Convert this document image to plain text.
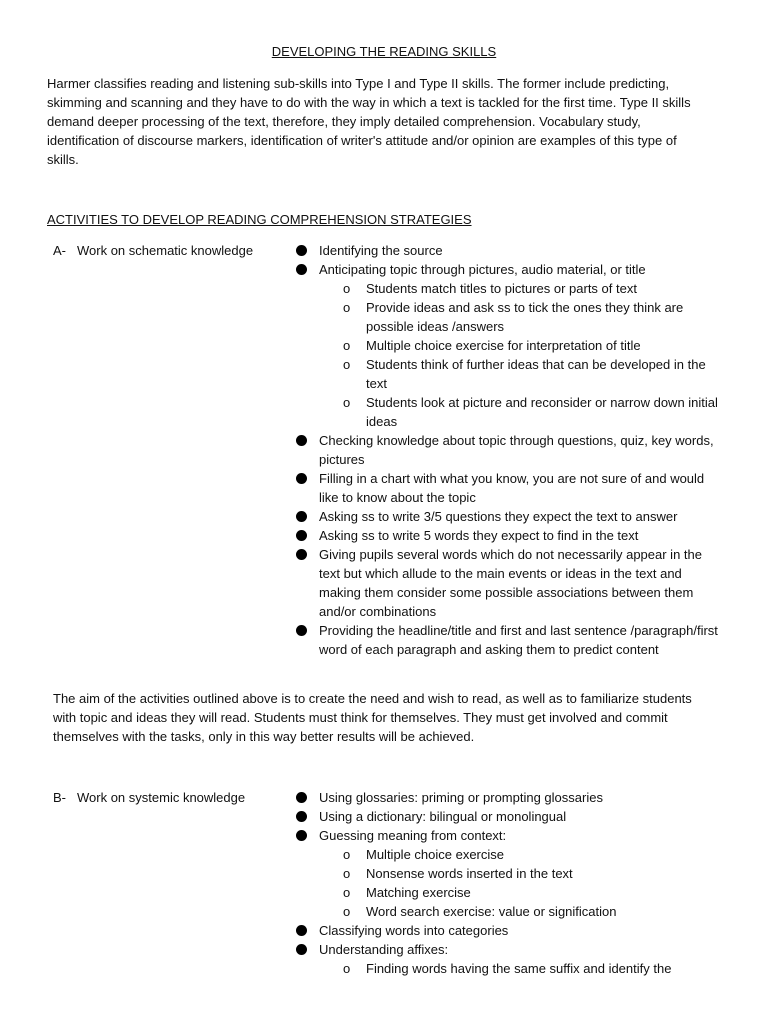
DEVELOPING THE READING SKILLS
Harmer classifies reading and listening sub-skills into Type I and Type II skills. The former include predicting, skimming and scanning and they have to do with the way in which a text is tackled for the first time. Type II skills demand deeper processing of the text, therefore, they imply detailed comprehension. Vocabulary study, identification of discourse markers, identification of writer's attitude and/or opinion are examples of this type of skills.
ACTIVITIES TO DEVELOP READING COMPREHENSION STRATEGIES
A- Work on schematic knowledge	Identifying the source
Anticipating topic through pictures, audio material, or title
o Students match titles to pictures or parts of text
o Provide ideas and ask ss to tick the ones they think are possible ideas /answers
o Multiple choice exercise for interpretation of title
o Students think of further ideas that can be developed in the text
o Students look at picture and reconsider or narrow down initial ideas
Checking knowledge about topic through questions, quiz, key words, pictures
Filling in a chart with what you know, you are not sure of and would like to know about the topic
Asking ss to write 3/5 questions they expect the text to answer
Asking ss to write 5 words they expect to find in the text
Giving pupils several words which do not necessarily appear in the text but which allude to the main events or ideas in the text and making them consider some possible associations between them and/or combinations
Providing the headline/title and first and last sentence /paragraph/first word of each paragraph and asking them to predict content
The aim of the activities outlined above is to create the need and wish to read, as well as to familiarize students with topic and ideas they will read. Students must think for themselves. They must get involved and commit themselves with the tasks, only in this way better results will be achieved.
B- Work on systemic knowledge	Using glossaries: priming or prompting glossaries
Using a dictionary: bilingual or monolingual
Guessing meaning from context:
o Multiple choice exercise
o Nonsense words inserted in the text
o Matching exercise
o Word search exercise: value or signification
Classifying words into categories
Understanding affixes:
o Finding words having the same suffix and identify the
